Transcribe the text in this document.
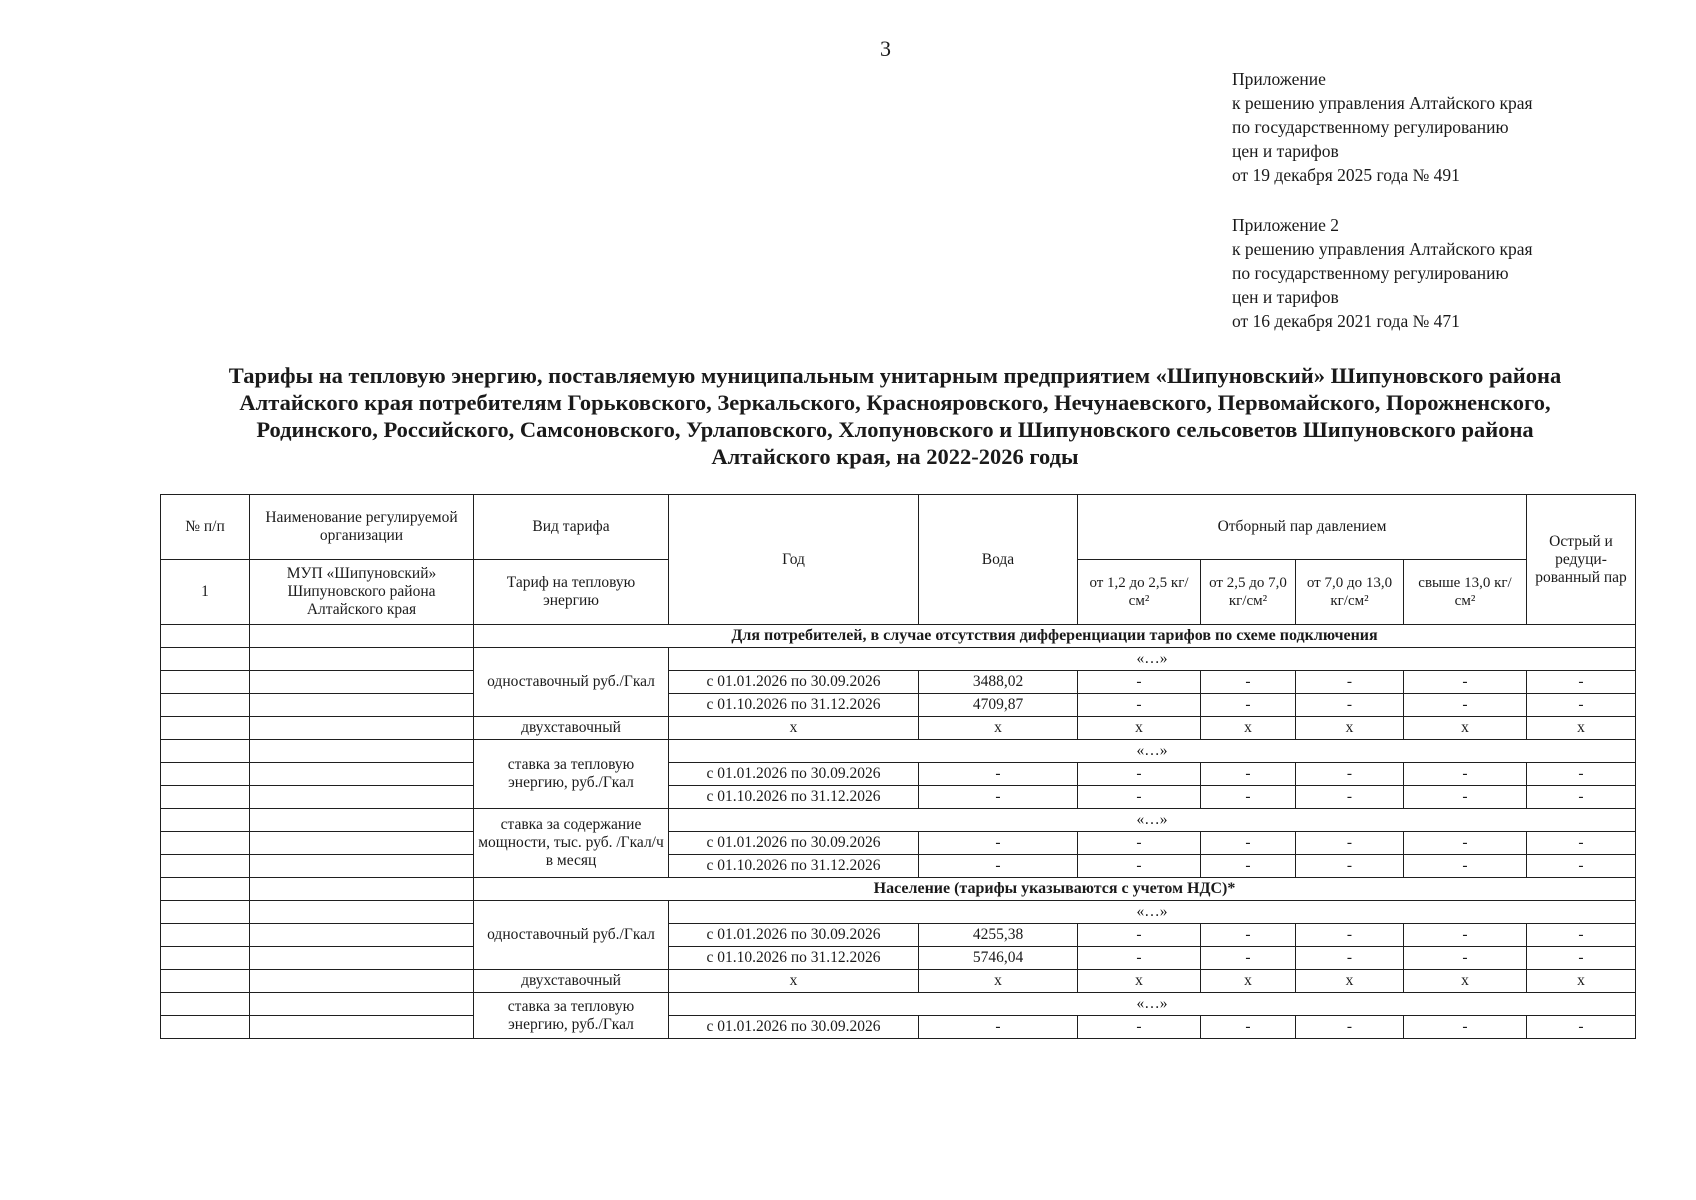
3
Приложение
к решению управления Алтайского края
по государственному регулированию
цен и тарифов
от 19 декабря 2025 года № 491
Приложение 2
к решению управления Алтайского края
по государственному регулированию
цен и тарифов
от 16 декабря 2021 года № 471
Тарифы на тепловую энергию, поставляемую муниципальным унитарным предприятием «Шипуновский» Шипуновского района
Алтайского края потребителям Горьковского, Зеркальского, Краснояровского, Нечунаевского, Первомайского, Порожненского,
Родинского, Российского, Самсоновского, Урлаповского, Хлопуновского и Шипуновского сельсоветов Шипуновского района
Алтайского края, на 2022-2026 годы
№ п/п	Наименование регулируемой организации	Вид тарифа	Год	Вода	Отборный пар давлением				Острый и редуци-рованный пар
1	МУП «Шипуновский» Шипуновского района Алтайского края	Тариф на тепловую энергию			от 1,2 до 2,5 кг/см²	от 2,5 до 7,0 кг/см²	от 7,0 до 13,0 кг/см²	свыше 13,0 кг/см²	
		Для потребителей, в случае отсутствия дифференциации тарифов по схеме подключения							
		одноставочный руб./Гкал	«…»						
			с 01.01.2026 по 30.09.2026	3488,02	-	-	-	-	-
			с 01.10.2026 по 31.12.2026	4709,87	-	-	-	-	-
		двухставочный	x	x	x	x	x	x	x
		ставка за тепловую энергию, руб./Гкал	«…»						
			с 01.01.2026 по 30.09.2026	-	-	-	-	-	-
			с 01.10.2026 по 31.12.2026	-	-	-	-	-	-
		ставка за содержание мощности, тыс. руб. /Гкал/ч в месяц	«…»						
			с 01.01.2026 по 30.09.2026	-	-	-	-	-	-
			с 01.10.2026 по 31.12.2026	-	-	-	-	-	-
		Население (тарифы указываются с учетом НДС)*							
		одноставочный руб./Гкал	«…»						
			с 01.01.2026 по 30.09.2026	4255,38	-	-	-	-	-
			с 01.10.2026 по 31.12.2026	5746,04	-	-	-	-	-
		двухставочный	x	x	x	x	x	x	x
		ставка за тепловую энергию, руб./Гкал	«…»						
			с 01.01.2026 по 30.09.2026	-	-	-	-	-	-
